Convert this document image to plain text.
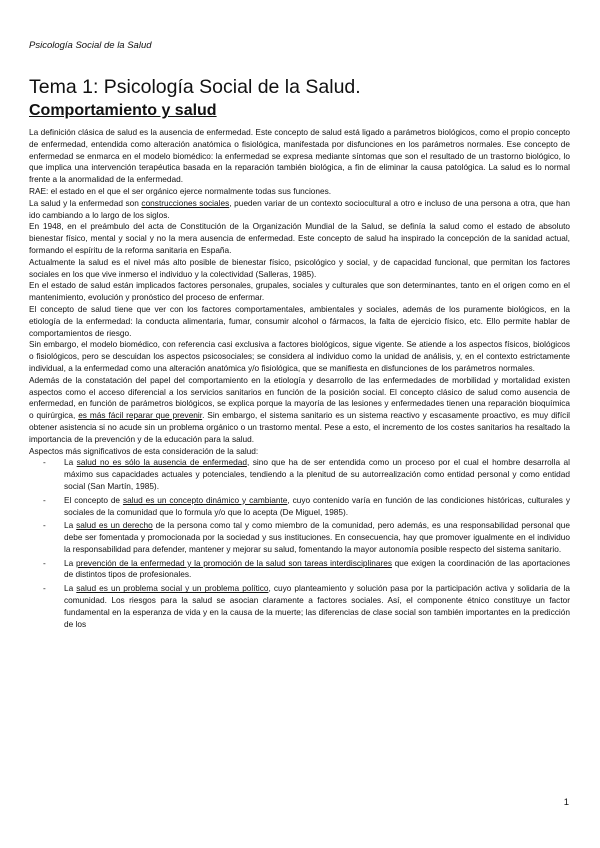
Psicología Social de la Salud
Tema 1: Psicología Social de la Salud.
Comportamiento y salud

La definición clásica de salud es la ausencia de enfermedad. Este concepto de salud está ligado a parámetros biológicos, como el propio concepto de enfermedad, entendida como alteración anatómica o fisiológica, manifestada por disfunciones en los parámetros normales. Ese concepto de enfermedad se enmarca en el modelo biomédico: la enfermedad se expresa mediante síntomas que son el resultado de un trastorno biológico, lo que implica una intervención terapéutica basada en la reparación también biológica, a fin de eliminar la causa patológica. La salud es lo normal frente a la anormalidad de la enfermedad.

RAE: el estado en el que el ser orgánico ejerce normalmente todas sus funciones.

La salud y la enfermedad son construcciones sociales, pueden variar de un contexto sociocultural a otro e incluso de una persona a otra, que han ido cambiando a lo largo de los siglos.

En 1948, en el preámbulo del acta de Constitución de la Organización Mundial de la Salud, se definía la salud como el estado de absoluto bienestar físico, mental y social y no la mera ausencia de enfermedad. Este concepto de salud ha inspirado la concepción de la sanidad actual, formando el espíritu de la reforma sanitaria en España.

Actualmente la salud es el nivel más alto posible de bienestar físico, psicológico y social, y de capacidad funcional, que permitan los factores sociales en los que vive inmerso el individuo y la colectividad (Salleras, 1985).

En el estado de salud están implicados factores personales, grupales, sociales y culturales que son determinantes, tanto en el origen como en el mantenimiento, evolución y pronóstico del proceso de enfermar.

El concepto de salud tiene que ver con los factores comportamentales, ambientales y sociales, además de los puramente biológicos, en la etiología de la enfermedad: la conducta alimentaria, fumar, consumir alcohol o fármacos, la falta de ejercicio físico, etc. Ello permite hablar de comportamientos de riesgo.

Sin embargo, el modelo biomédico, con referencia casi exclusiva a factores biológicos, sigue vigente. Se atiende a los aspectos físicos, biológicos o fisiológicos, pero se descuidan los aspectos psicosociales; se considera al individuo como la unidad de análisis, y, en el contexto estrictamente individual, a la enfermedad como una alteración anatómica y/o fisiológica, que se manifiesta en disfunciones de los parámetros normales.

Además de la constatación del papel del comportamiento en la etiología y desarrollo de las enfermedades de morbilidad y mortalidad existen aspectos como el acceso diferencial a los servicios sanitarios en función de la posición social. El concepto clásico de salud como ausencia de enfermedad, en función de parámetros biológicos, se explica porque la mayoría de las lesiones y enfermedades tienen una reparación bioquímica o quirúrgica, es más fácil reparar que prevenir. Sin embargo, el sistema sanitario es un sistema reactivo y escasamente proactivo, es muy difícil obtener asistencia si no acude sin un problema orgánico o un trastorno mental. Pese a esto, el incremento de los costes sanitarios ha resaltado la importancia de la prevención y de la educación para la salud.

Aspectos más significativos de esta consideración de la salud:

- La salud no es sólo la ausencia de enfermedad, sino que ha de ser entendida como un proceso por el cual el hombre desarrolla al máximo sus capacidades actuales y potenciales, tendiendo a la plenitud de su autorrealización como entidad personal y como entidad social (San Martín, 1985).
- El concepto de salud es un concepto dinámico y cambiante, cuyo contenido varía en función de las condiciones históricas, culturales y sociales de la comunidad que lo formula y/o que lo acepta (De Miguel, 1985).
- La salud es un derecho de la persona como tal y como miembro de la comunidad, pero además, es una responsabilidad personal que debe ser fomentada y promocionada por la sociedad y sus instituciones. En consecuencia, hay que promover igualmente en el individuo la responsabilidad para defender, mantener y mejorar su salud, fomentando la mayor autonomía posible respecto del sistema sanitario.
- La prevención de la enfermedad y la promoción de la salud son tareas interdisciplinares que exigen la coordinación de las aportaciones de distintos tipos de profesionales.
- La salud es un problema social y un problema político, cuyo planteamiento y solución pasa por la participación activa y solidaria de la comunidad. Los riesgos para la salud se asocian claramente a factores sociales. Así, el componente étnico constituye un factor fundamental en la esperanza de vida y en la causa de la muerte; las diferencias de clase social son también importantes en la predicción de los
1
